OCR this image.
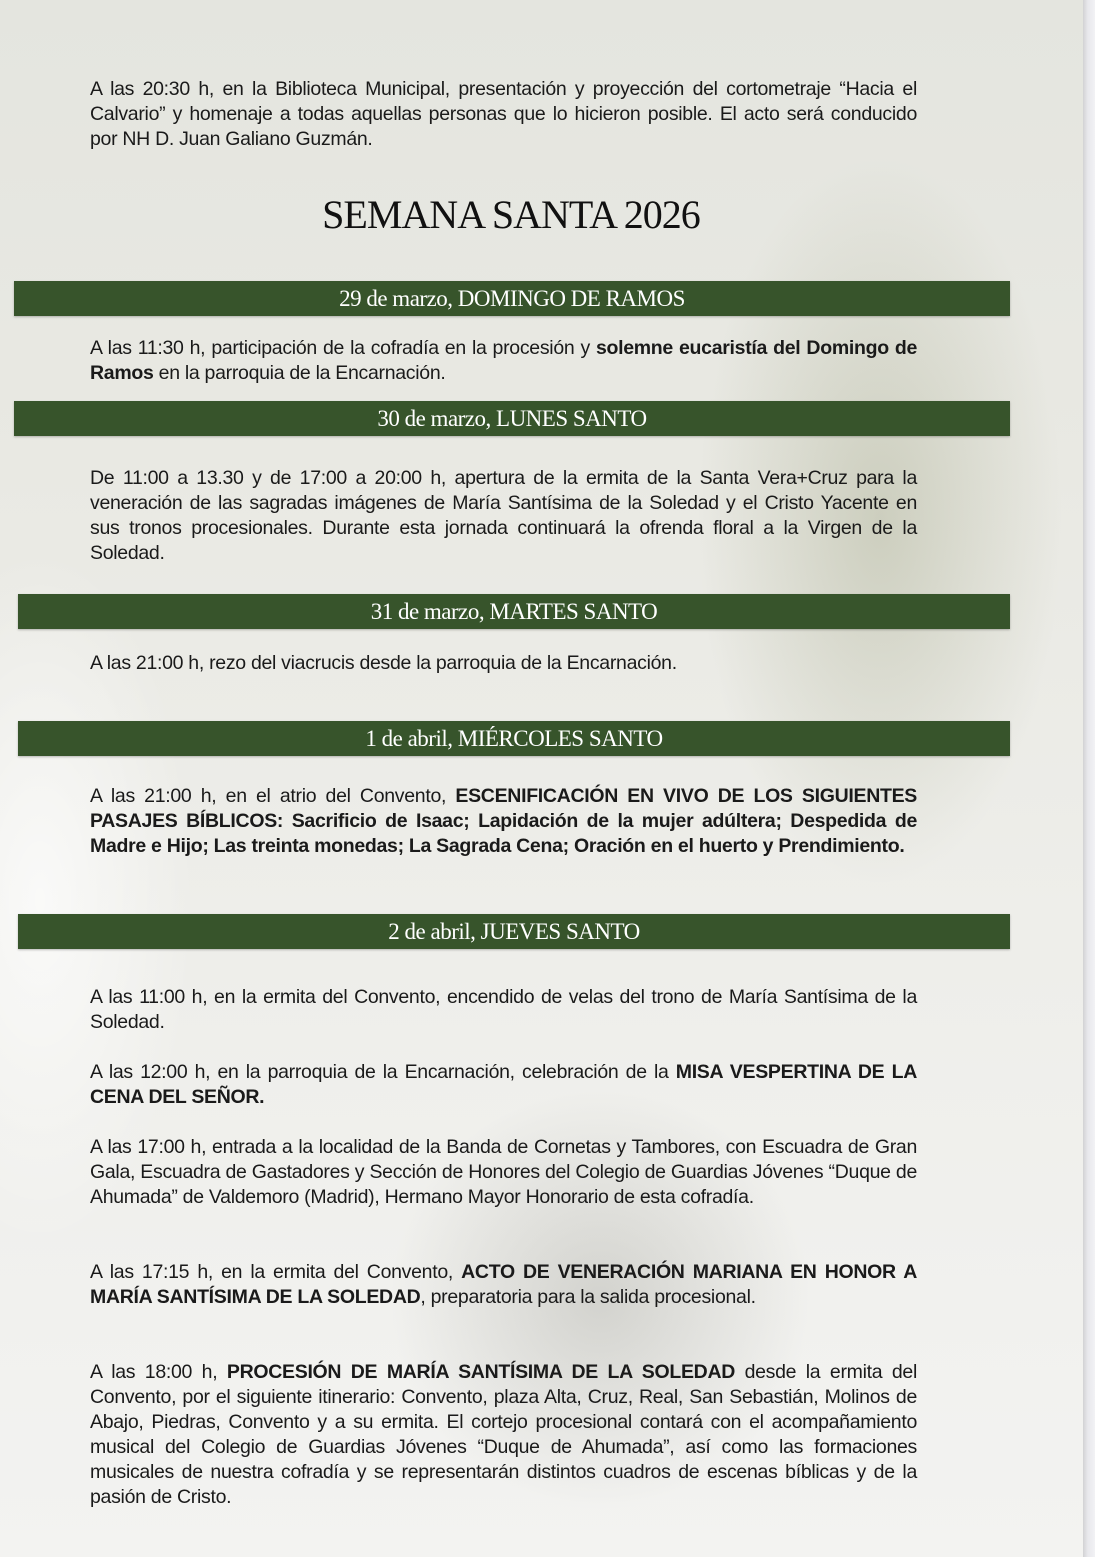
A las 20:30 h, en la Biblioteca Municipal, presentación y proyección del cortometraje “Hacia el Calvario” y homenaje a todas aquellas personas que lo hicieron posible. El acto será conducido por NH D. Juan Galiano Guzmán.
SEMANA SANTA 2026
29 de marzo, DOMINGO DE RAMOS
A las 11:30 h, participación de la cofradía en la procesión y solemne eucaristía del Domingo de Ramos en la parroquia de la Encarnación.
30 de marzo, LUNES SANTO
De 11:00 a 13.30 y de 17:00 a 20:00 h, apertura de la ermita de la Santa Vera+Cruz para la veneración de las sagradas imágenes de María Santísima de la Soledad y el Cristo Yacente en sus tronos procesionales. Durante esta jornada continuará la ofrenda floral a la Virgen de la Soledad.
31 de marzo, MARTES SANTO
A las 21:00 h, rezo del viacrucis desde la parroquia de la Encarnación.
1 de abril, MIÉRCOLES SANTO
A las 21:00 h, en el atrio del Convento, ESCENIFICACIÓN EN VIVO DE LOS SIGUIENTES PASAJES BÍBLICOS: Sacrificio de Isaac; Lapidación de la mujer adúltera; Despedida de Madre e Hijo; Las treinta monedas; La Sagrada Cena; Oración en el huerto y Prendimiento.
2 de abril, JUEVES SANTO
A las 11:00 h, en la ermita del Convento, encendido de velas del trono de María Santísima de la Soledad.
A las 12:00 h, en la parroquia de la Encarnación, celebración de la MISA VESPERTINA DE LA CENA DEL SEÑOR.
A las 17:00 h, entrada a la localidad de la Banda de Cornetas y Tambores, con Escuadra de Gran Gala, Escuadra de Gastadores y Sección de Honores del Colegio de Guardias Jóvenes “Duque de Ahumada” de Valdemoro (Madrid), Hermano Mayor Honorario de esta cofradía.
A las 17:15 h, en la ermita del Convento, ACTO DE VENERACIÓN MARIANA EN HONOR A MARÍA SANTÍSIMA DE LA SOLEDAD, preparatoria para la salida procesional.
A las 18:00 h, PROCESIÓN DE MARÍA SANTÍSIMA DE LA SOLEDAD desde la ermita del Convento, por el siguiente itinerario: Convento, plaza Alta, Cruz, Real, San Sebastián, Molinos de Abajo, Piedras, Convento y a su ermita. El cortejo procesional contará con el acompañamiento musical del Colegio de Guardias Jóvenes “Duque de Ahumada”, así como las formaciones musicales de nuestra cofradía y se representarán distintos cuadros de escenas bíblicas y de la pasión de Cristo.
